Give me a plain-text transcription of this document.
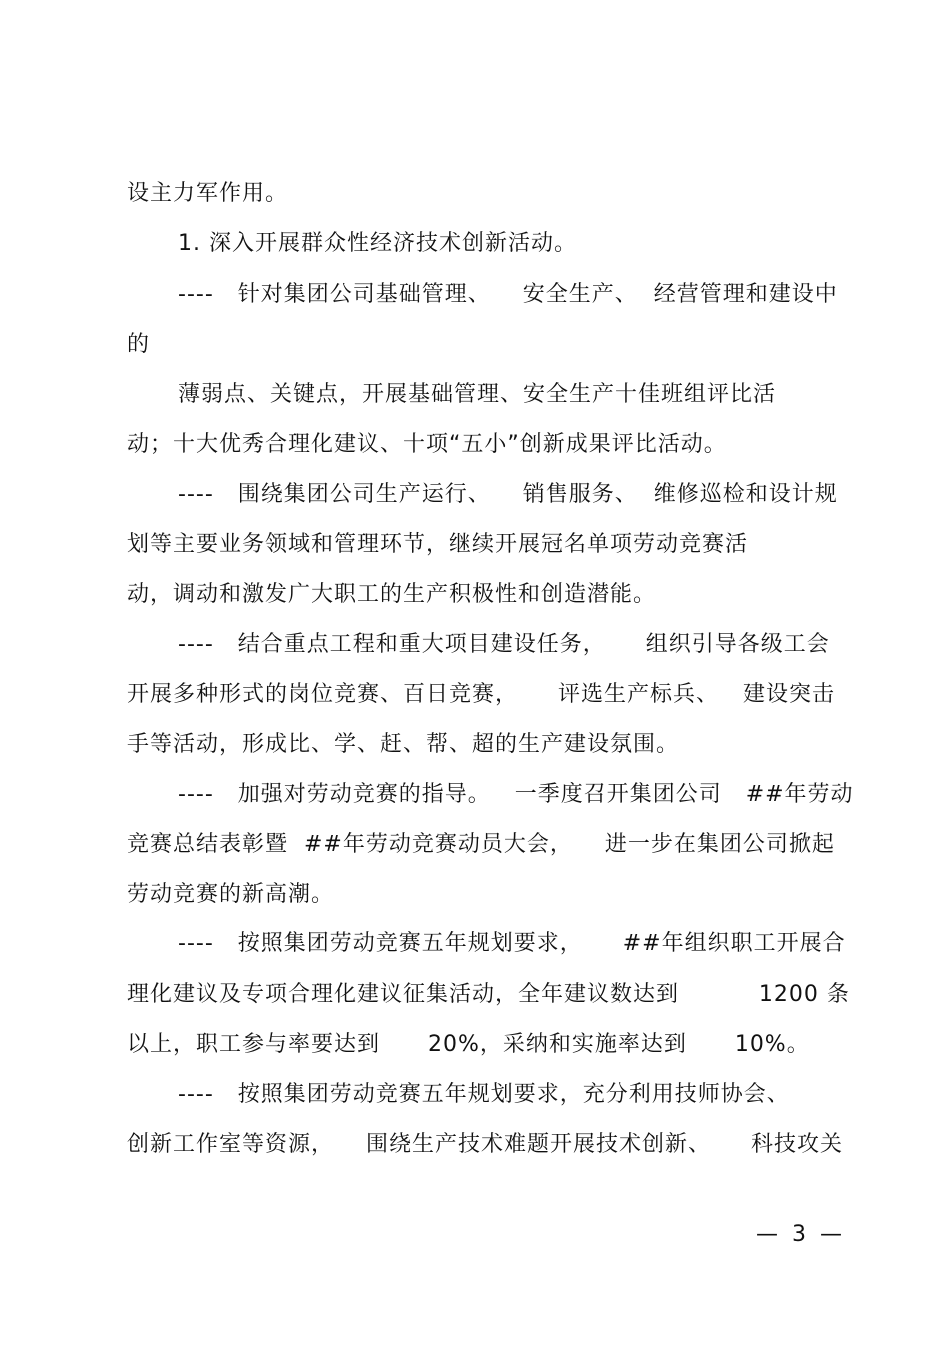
设主力军作用。
1. 深入开展群众性经济技术创新活动。
----   针对集团公司基础管理、    安全生产、  经营管理和建设中
的
薄弱点、关键点，开展基础管理、安全生产十佳班组评比活
动；十大优秀合理化建议、十项“五小”创新成果评比活动。
----   围绕集团公司生产运行、    销售服务、  维修巡检和设计规
划等主要业务领域和管理环节，继续开展冠名单项劳动竞赛活
动，调动和激发广大职工的生产积极性和创造潜能。
----   结合重点工程和重大项目建设任务，     组织引导各级工会
开展多种形式的岗位竞赛、百日竞赛，     评选生产标兵、   建设突击
手等活动，形成比、学、赶、帮、超的生产建设氛围。
----   加强对劳动竞赛的指导。   一季度召开集团公司   ##年劳动
竞赛总结表彰暨  ##年劳动竞赛动员大会，    进一步在集团公司掀起
劳动竞赛的新高潮。
----   按照集团劳动竞赛五年规划要求，     ##年组织职工开展合
理化建议及专项合理化建议征集活动，全年建议数达到          1200 条
以上，职工参与率要达到      20%，采纳和实施率达到      10%。
----   按照集团劳动竞赛五年规划要求，充分利用技师协会、
创新工作室等资源，    围绕生产技术难题开展技术创新、     科技攻关
—  3  —
